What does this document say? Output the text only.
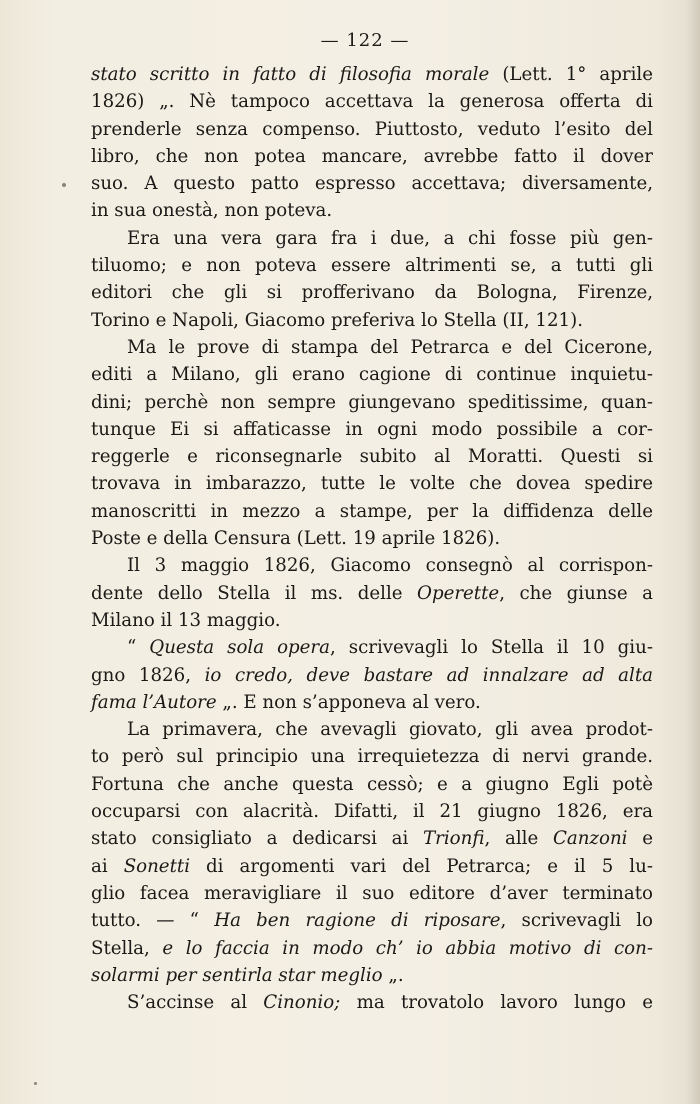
— 122 —
stato scritto in fatto di filosofia morale (Lett. 1° aprile
1826) „. Nè tampoco accettava la generosa offerta di
prenderle senza compenso. Piuttosto, veduto l’esito del
libro, che non potea mancare, avrebbe fatto il dover
suo. A questo patto espresso accettava; diversamente,
in sua onestà, non poteva.
Era una vera gara fra i due, a chi fosse più gen-
tiluomo; e non poteva essere altrimenti se, a tutti gli
editori che gli si profferivano da Bologna, Firenze,
Torino e Napoli, Giacomo preferiva lo Stella (II, 121).
Ma le prove di stampa del Petrarca e del Cicerone,
editi a Milano, gli erano cagione di continue inquietu-
dini; perchè non sempre giungevano speditissime, quan-
tunque Ei si affaticasse in ogni modo possibile a cor-
reggerle e riconsegnarle subito al Moratti. Questi si
trovava in imbarazzo, tutte le volte che dovea spedire
manoscritti in mezzo a stampe, per la diffidenza delle
Poste e della Censura (Lett. 19 aprile 1826).
Il 3 maggio 1826, Giacomo consegnò al corrispon-
dente dello Stella il ms. delle Operette, che giunse a
Milano il 13 maggio.
“ Questa sola opera, scrivevagli lo Stella il 10 giu-
gno 1826, io credo, deve bastare ad innalzare ad alta
fama l’Autore „. E non s’apponeva al vero.
La primavera, che avevagli giovato, gli avea prodot-
to però sul principio una irrequietezza di nervi grande.
Fortuna che anche questa cessò; e a giugno Egli potè
occuparsi con alacrità. Difatti, il 21 giugno 1826, era
stato consigliato a dedicarsi ai Trionfi, alle Canzoni e
ai Sonetti di argomenti vari del Petrarca; e il 5 lu-
glio facea meravigliare il suo editore d’aver terminato
tutto. — “ Ha ben ragione di riposare, scrivevagli lo
Stella, e lo faccia in modo ch’ io abbia motivo di con-
solarmi per sentirla star meglio „.
S’accinse al Cinonio; ma trovatolo lavoro lungo e
